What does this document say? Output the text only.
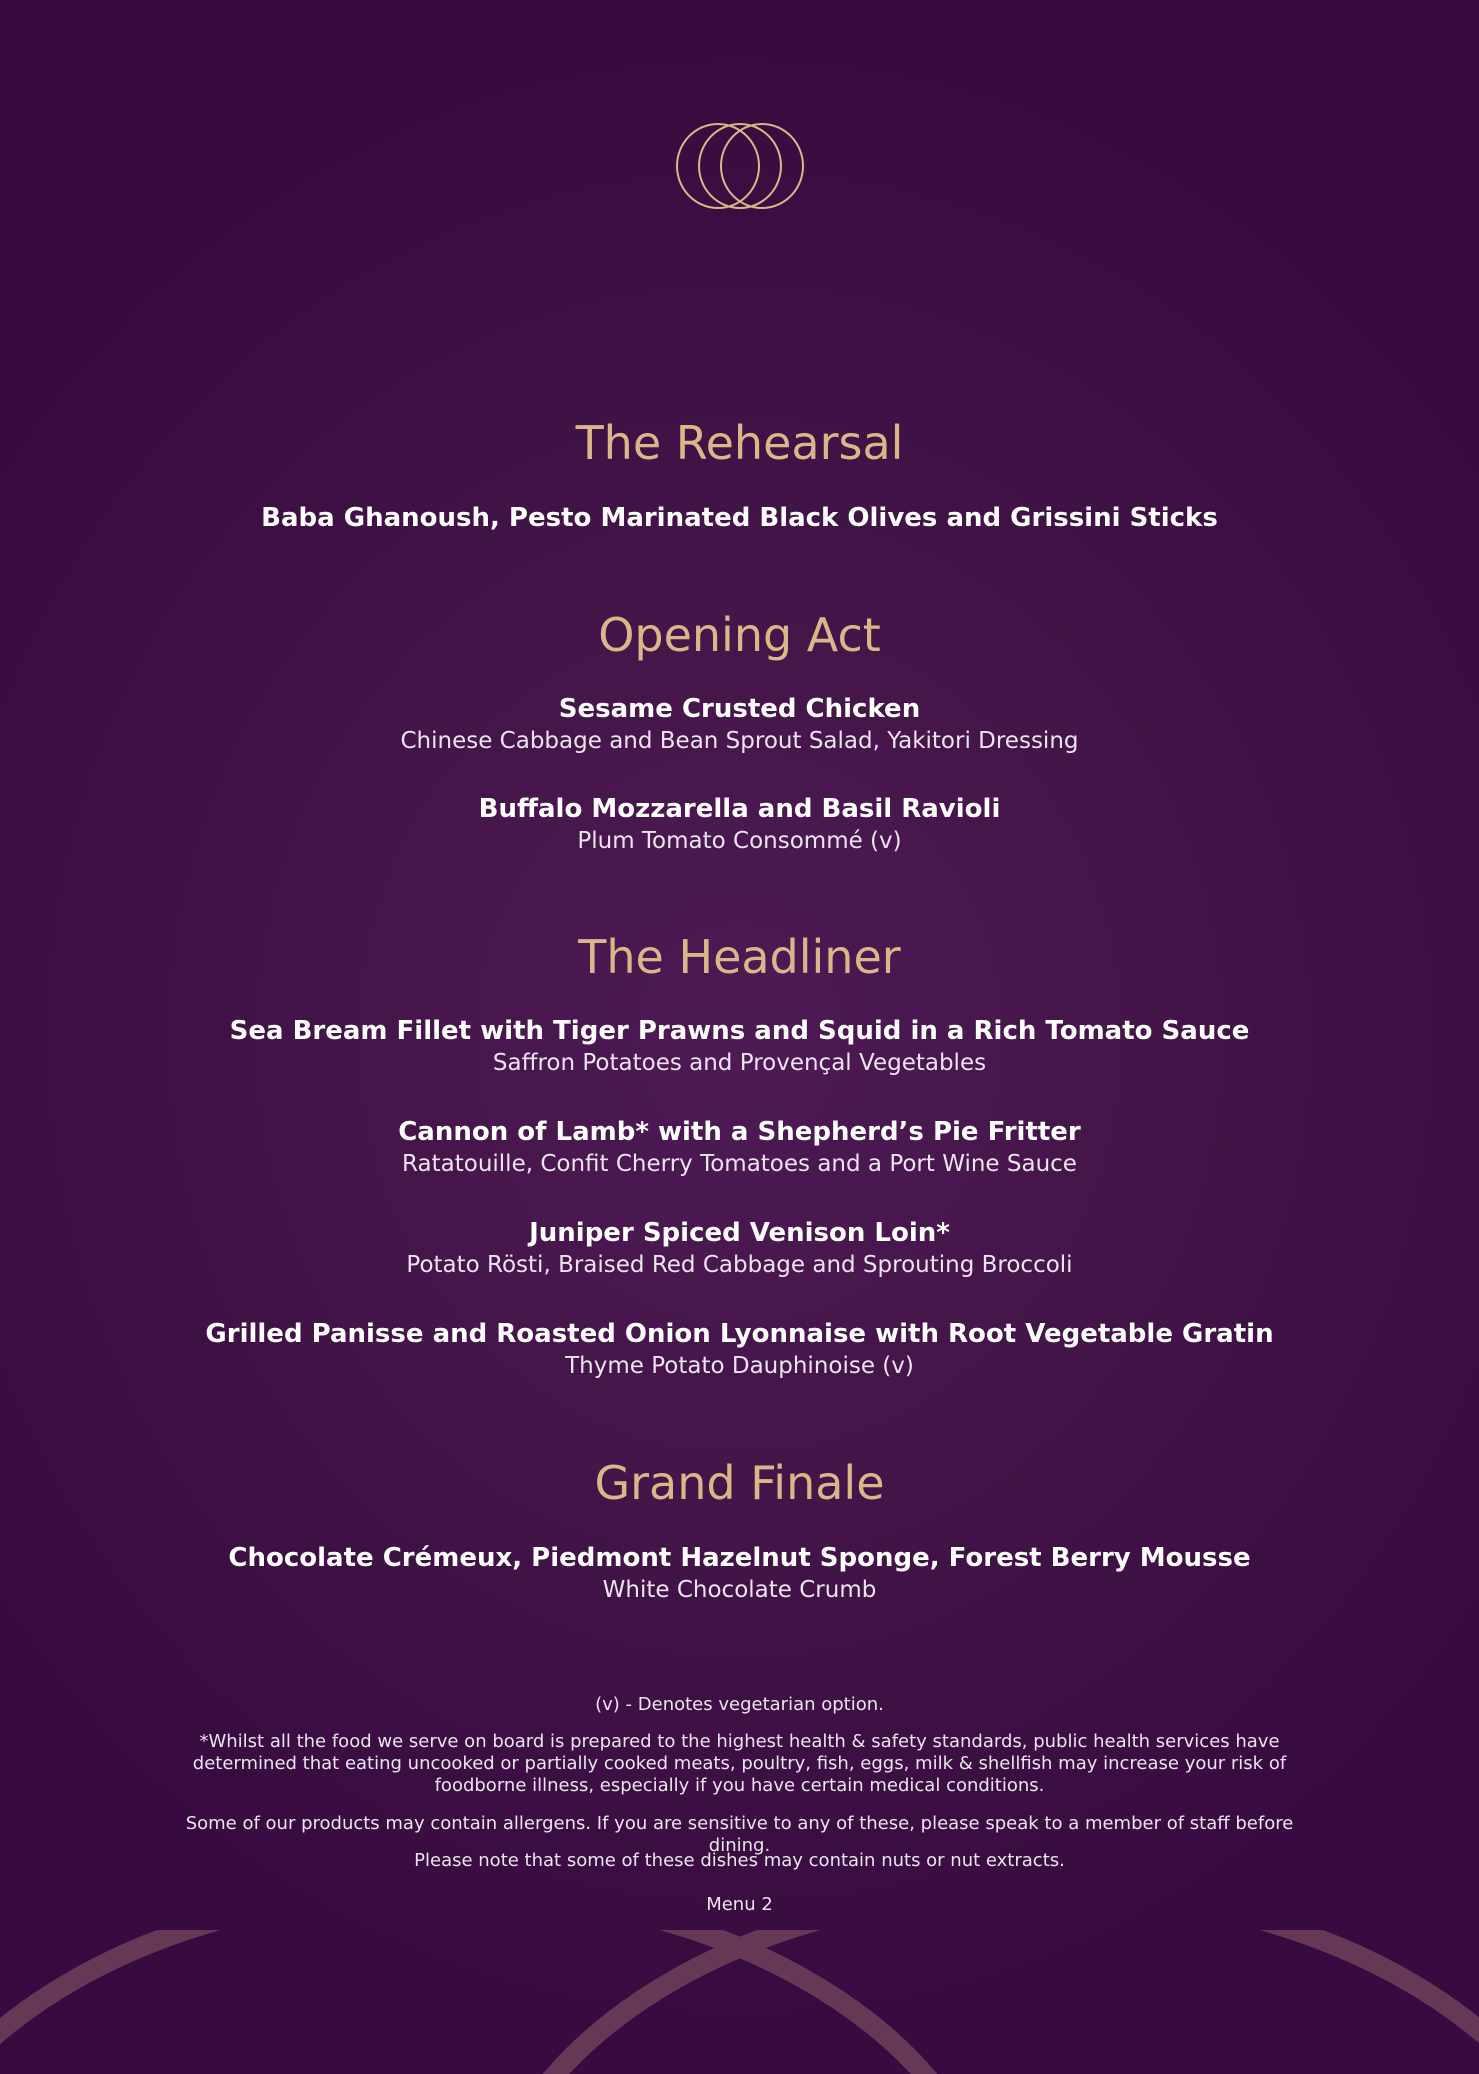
The Rehearsal

Baba Ghanoush, Pesto Marinated Black Olives and Grissini Sticks

Opening Act

Sesame Crusted Chicken

Chinese Cabbage and Bean Sprout Salad, Yakitori Dressing

Buffalo Mozzarella and Basil Ravioli

Plum Tomato Consommé (v)

The Headliner

Sea Bream Fillet with Tiger Prawns and Squid in a Rich Tomato Sauce

Saffron Potatoes and Provençal Vegetables

Cannon of Lamb* with a Shepherd’s Pie Fritter

Ratatouille, Confit Cherry Tomatoes and a Port Wine Sauce

Juniper Spiced Venison Loin*

Potato Rösti, Braised Red Cabbage and Sprouting Broccoli

Grilled Panisse and Roasted Onion Lyonnaise with Root Vegetable Gratin

Thyme Potato Dauphinoise (v)

Grand Finale

Chocolate Crémeux, Piedmont Hazelnut Sponge, Forest Berry Mousse

White Chocolate Crumb

(v) - Denotes vegetarian option.

*Whilst all the food we serve on board is prepared to the highest health & safety standards, public health services have determined that eating uncooked or partially cooked meats, poultry, fish, eggs, milk & shellfish may increase your risk of foodborne illness, especially if you have certain medical conditions.

Some of our products may contain allergens. If you are sensitive to any of these, please speak to a member of staff before dining.

Please note that some of these dishes may contain nuts or nut extracts.

Menu 2
